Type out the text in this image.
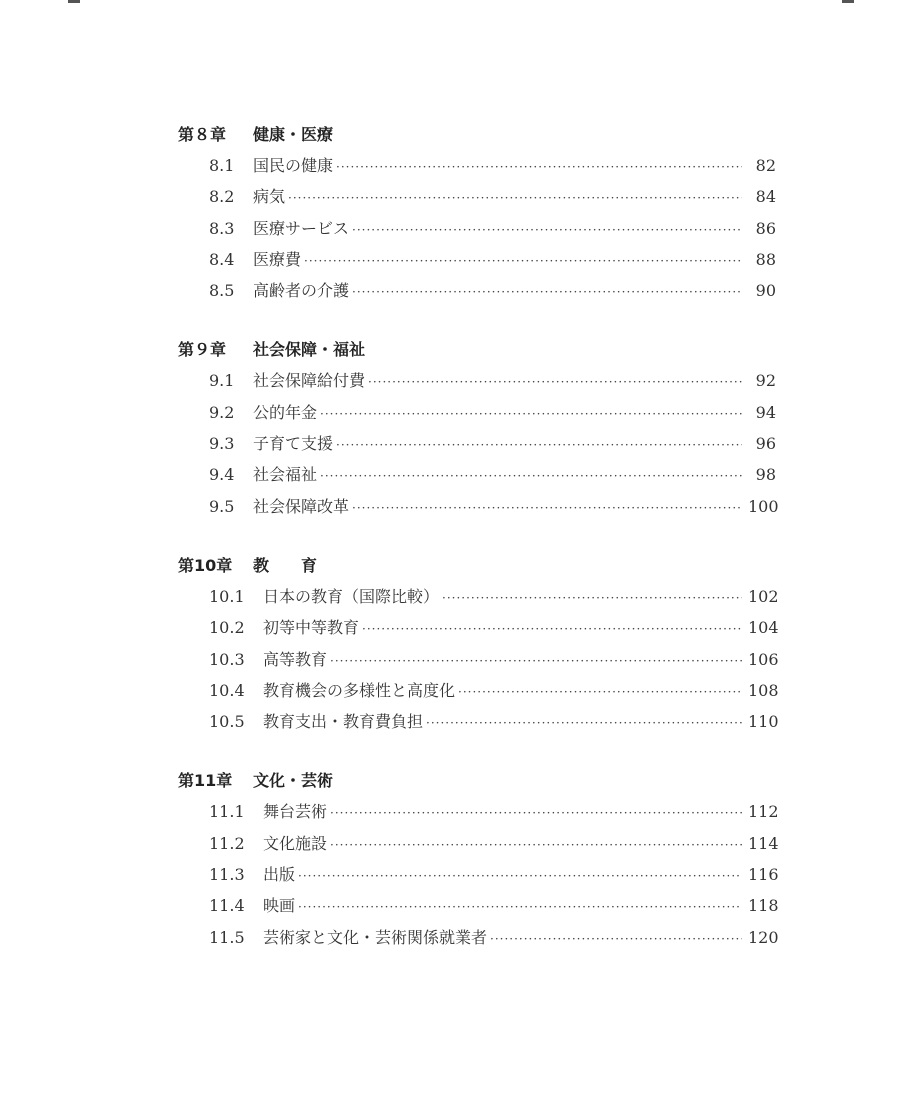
第８章	健康・医療
8.1	国民の健康 ·····	82
8.2	病気 ·····	84
8.3	医療サービス ·····	86
8.4	医療費 ·····	88
8.5	高齢者の介護 ·····	90
第９章	社会保障・福祉
9.1	社会保障給付費 ·····	92
9.2	公的年金 ·····	94
9.3	子育て支援 ·····	96
9.4	社会福祉 ·····	98
9.5	社会保障改革 ·····	100
第10章	教　　育
10.1	日本の教育（国際比較） ·····	102
10.2	初等中等教育 ·····	104
10.3	高等教育 ·····	106
10.4	教育機会の多様性と高度化 ·····	108
10.5	教育支出・教育費負担 ·····	110
第11章	文化・芸術
11.1	舞台芸術 ·····	112
11.2	文化施設 ·····	114
11.3	出版 ·····	116
11.4	映画 ·····	118
11.5	芸術家と文化・芸術関係就業者 ·····	120
